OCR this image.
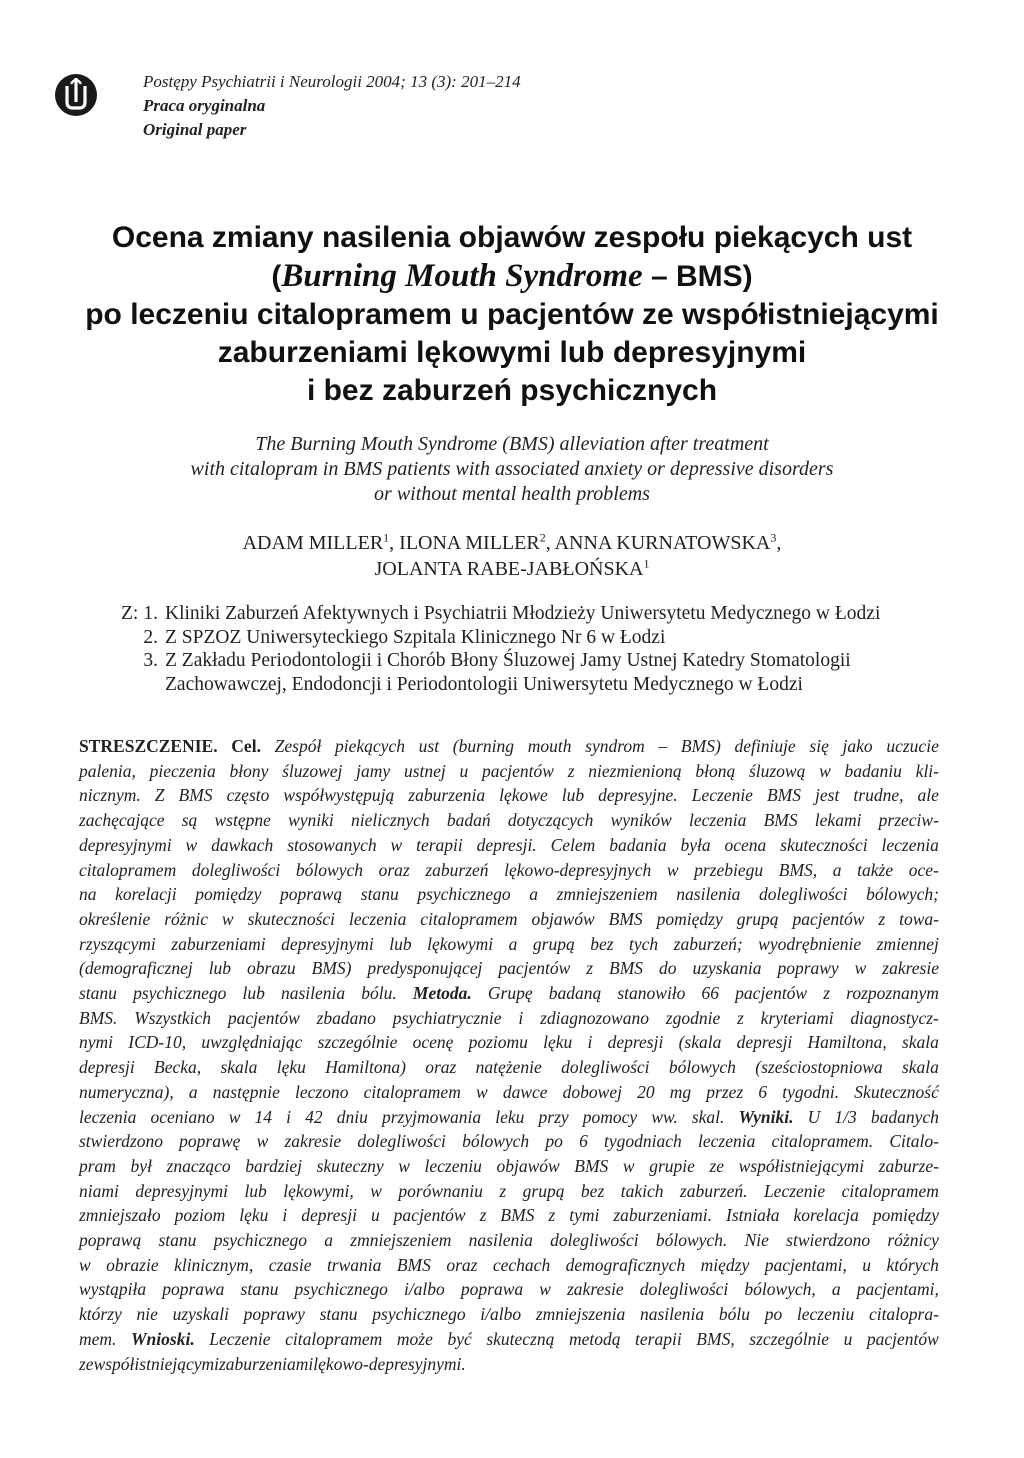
Postępy Psychiatrii i Neurologii 2004; 13 (3): 201–214
Praca oryginalna
Original paper
Ocena zmiany nasilenia objawów zespołu piekących ust
(Burning Mouth Syndrome – BMS)
po leczeniu citalopramem u pacjentów ze współistniejącymi
zaburzeniami lękowymi lub depresyjnymi
i bez zaburzeń psychicznych
The Burning Mouth Syndrome (BMS) alleviation after treatment
with citalopram in BMS patients with associated anxiety or depressive disorders
or without mental health problems
ADAM MILLER$^1$, ILONA MILLER$^2$, ANNA KURNATOWSKA$^3$,
JOLANTA RABE-JABŁOŃSKA$^1$
Z: 1. Kliniki Zaburzeń Afektywnych i Psychiatrii Młodzieży Uniwersytetu Medycznego w Łodzi
2. Z SPZOZ Uniwersyteckiego Szpitala Klinicznego Nr 6 w Łodzi
3. Z Zakładu Periodontologii i Chorób Błony Śluzowej Jamy Ustnej Katedry Stomatologii
Zachowawczej, Endodoncji i Periodontologii Uniwersytetu Medycznego w Łodzi
STRESZCZENIE. Cel. Zespół piekących ust (burning mouth syndrom – BMS) definiuje się jako uczucie
palenia, pieczenia błony śluzowej jamy ustnej u pacjentów z niezmienioną błoną śluzową w badaniu kli-
nicznym. Z BMS często współwystępują zaburzenia lękowe lub depresyjne. Leczenie BMS jest trudne, ale
zachęcające są wstępne wyniki nielicznych badań dotyczących wyników leczenia BMS lekami przeciw-
depresyjnymi w dawkach stosowanych w terapii depresji. Celem badania była ocena skuteczności leczenia
citalopramem dolegliwości bólowych oraz zaburzeń lękowo-depresyjnych w przebiegu BMS, a także oce-
na korelacji pomiędzy poprawą stanu psychicznego a zmniejszeniem nasilenia dolegliwości bólowych;
określenie różnic w skuteczności leczenia citalopramem objawów BMS pomiędzy grupą pacjentów z towa-
rzyszącymi zaburzeniami depresyjnymi lub lękowymi a grupą bez tych zaburzeń; wyodrębnienie zmiennej
(demograficznej lub obrazu BMS) predysponującej pacjentów z BMS do uzyskania poprawy w zakresie
stanu psychicznego lub nasilenia bólu. Metoda. Grupę badaną stanowiło 66 pacjentów z rozpoznanym
BMS. Wszystkich pacjentów zbadano psychiatrycznie i zdiagnozowano zgodnie z kryteriami diagnostycz-
nymi ICD-10, uwzględniając szczególnie ocenę poziomu lęku i depresji (skala depresji Hamiltona, skala
depresji Becka, skala lęku Hamiltona) oraz natężenie dolegliwości bólowych (sześciostopniowa skala
numeryczna), a następnie leczono citalopramem w dawce dobowej 20 mg przez 6 tygodni. Skuteczność
leczenia oceniano w 14 i 42 dniu przyjmowania leku przy pomocy ww. skal. Wyniki. U 1/3 badanych
stwierdzono poprawę w zakresie dolegliwości bólowych po 6 tygodniach leczenia citalopramem. Citalo-
pram był znacząco bardziej skuteczny w leczeniu objawów BMS w grupie ze współistniejącymi zaburze-
niami depresyjnymi lub lękowymi, w porównaniu z grupą bez takich zaburzeń. Leczenie citalopramem
zmniejszało poziom lęku i depresji u pacjentów z BMS z tymi zaburzeniami. Istniała korelacja pomiędzy
poprawą stanu psychicznego a zmniejszeniem nasilenia dolegliwości bólowych. Nie stwierdzono różnicy
w obrazie klinicznym, czasie trwania BMS oraz cechach demograficznych między pacjentami, u których
wystąpiła poprawa stanu psychicznego i/albo poprawa w zakresie dolegliwości bólowych, a pacjentami,
którzy nie uzyskali poprawy stanu psychicznego i/albo zmniejszenia nasilenia bólu po leczeniu citalopra-
mem. Wnioski. Leczenie citalopramem może być skuteczną metodą terapii BMS, szczególnie u pacjentów
ze współistniejącymi zaburzeniami lękowo-depresyjnymi.
